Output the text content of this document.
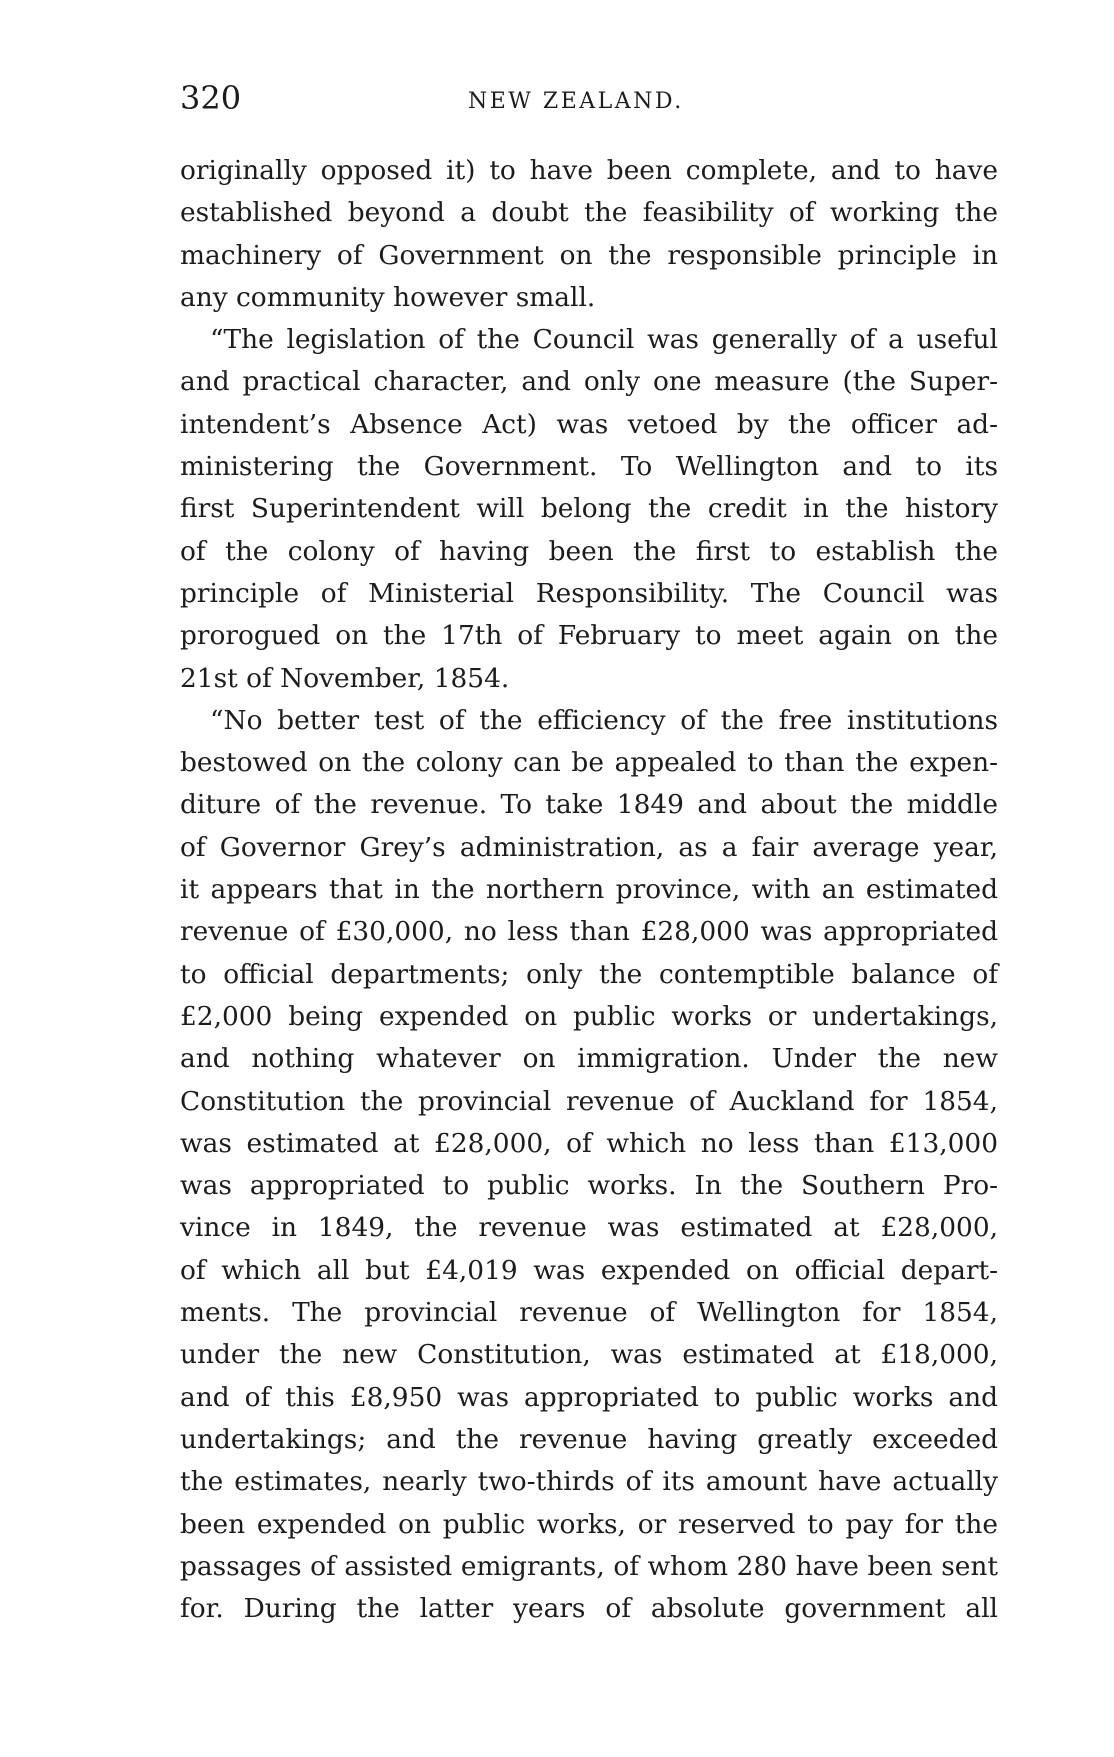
320	NEW ZEALAND.
originally opposed it) to have been complete, and to have
established beyond a doubt the feasibility of working the
machinery of Government on the responsible principle in
any community however small.
“The legislation of the Council was generally of a useful
and practical character, and only one measure (the Super-
intendent’s Absence Act) was vetoed by the officer ad-
ministering the Government. To Wellington and to its
first Superintendent will belong the credit in the history
of the colony of having been the first to establish the
principle of Ministerial Responsibility. The Council was
prorogued on the 17th of February to meet again on the
21st of November, 1854.
“No better test of the efficiency of the free institutions
bestowed on the colony can be appealed to than the expen-
diture of the revenue. To take 1849 and about the middle
of Governor Grey’s administration, as a fair average year,
it appears that in the northern province, with an estimated
revenue of £30,000, no less than £28,000 was appropriated
to official departments; only the contemptible balance of
£2,000 being expended on public works or undertakings,
and nothing whatever on immigration. Under the new
Constitution the provincial revenue of Auckland for 1854,
was estimated at £28,000, of which no less than £13,000
was appropriated to public works. In the Southern Pro-
vince in 1849, the revenue was estimated at £28,000,
of which all but £4,019 was expended on official depart-
ments. The provincial revenue of Wellington for 1854,
under the new Constitution, was estimated at £18,000,
and of this £8,950 was appropriated to public works and
undertakings; and the revenue having greatly exceeded
the estimates, nearly two-thirds of its amount have actually
been expended on public works, or reserved to pay for the
passages of assisted emigrants, of whom 280 have been sent
for. During the latter years of absolute government all
